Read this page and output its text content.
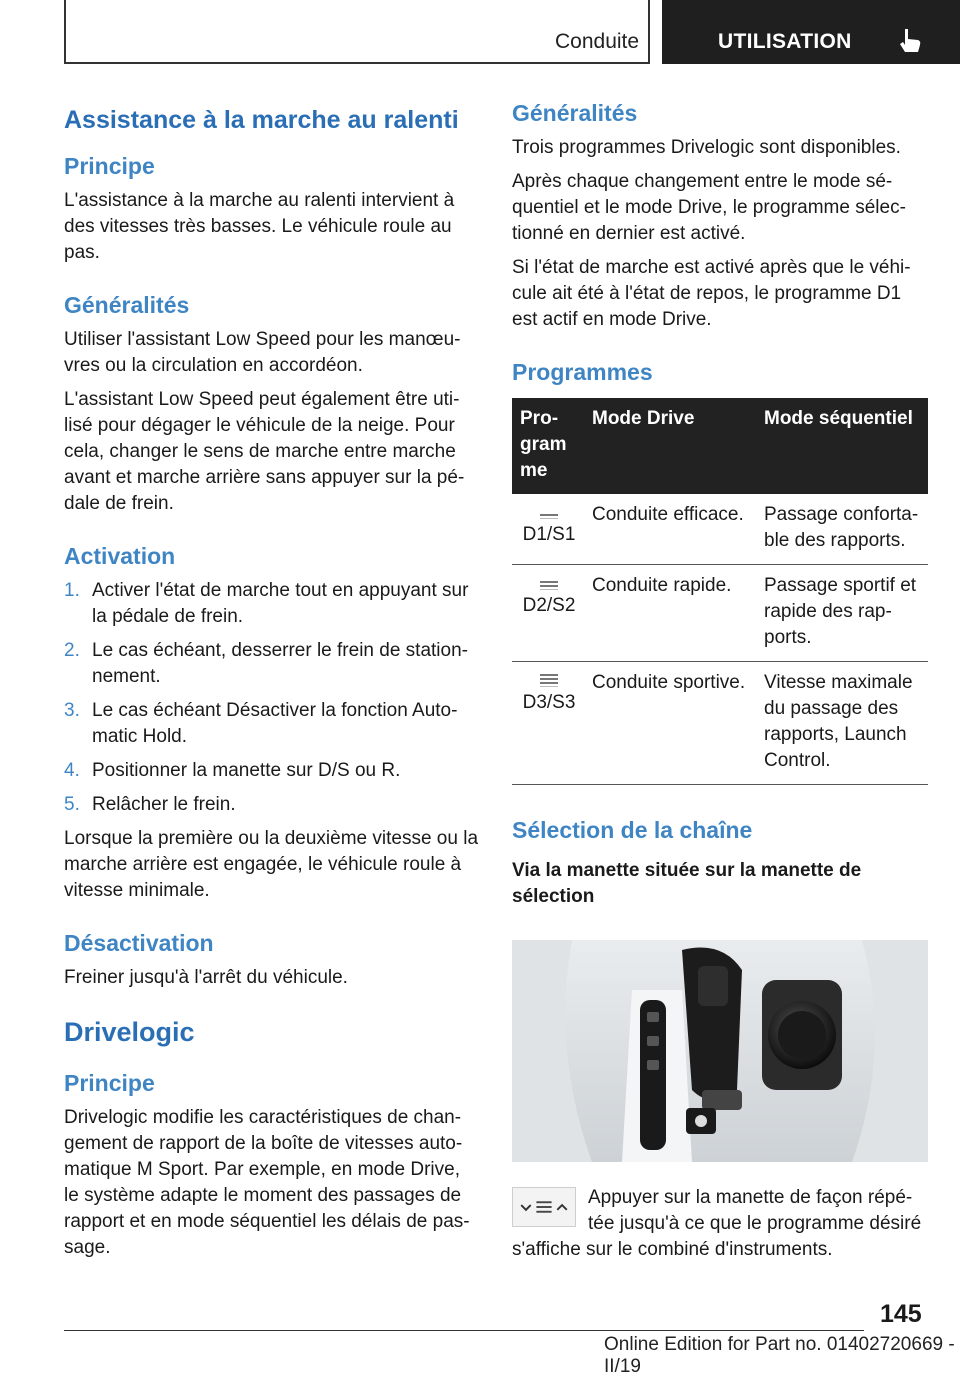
Conduite	UTILISATION
Assistance à la marche au ralenti
Principe

L'assistance à la marche au ralenti intervient à des vitesses très basses. Le véhicule roule au pas.

Généralités

Utiliser l'assistant Low Speed pour les manœuvres ou la circulation en accordéon.

L'assistant Low Speed peut également être utilisé pour dégager le véhicule de la neige. Pour cela, changer le sens de marche entre marche avant et marche arrière sans appuyer sur la pédale de frein.

Activation
1. Activer l'état de marche tout en appuyant sur la pédale de frein.
2. Le cas échéant, desserrer le frein de stationnement.
3. Le cas échéant Désactiver la fonction Automatic Hold.
4. Positionner la manette sur D/S ou R.
5. Relâcher le frein.

Lorsque la première ou la deuxième vitesse ou la marche arrière est engagée, le véhicule roule à vitesse minimale.

Désactivation

Freiner jusqu'à l'arrêt du véhicule.

Drivelogic
Principe

Drivelogic modifie les caractéristiques de changement de rapport de la boîte de vitesses automatique M Sport. Par exemple, en mode Drive, le système adapte le moment des passages de rapport et en mode séquentiel les délais de passage.

Généralités

Trois programmes Drivelogic sont disponibles.

Après chaque changement entre le mode séquentiel et le mode Drive, le programme sélectionné en dernier est activé.

Si l'état de marche est activé après que le véhicule ait été à l'état de repos, le programme D1 est actif en mode Drive.

Programmes
Program me	Mode Drive	Mode séquentiel

D1/S1	Conduite efficace.	Passage confortable des rapports.

D2/S2	Conduite rapide.	Passage sportif et rapide des rapports.

D3/S3	Conduite sportive.	Vitesse maximale du passage des rapports, Launch Control.
Sélection de la chaîne
Via la manette située sur la manette de sélection

Appuyer sur la manette de façon répétée jusqu'à ce que le programme désiré s'affiche sur le combiné d'instruments.

145
Online Edition for Part no. 01402720669 - II/19
